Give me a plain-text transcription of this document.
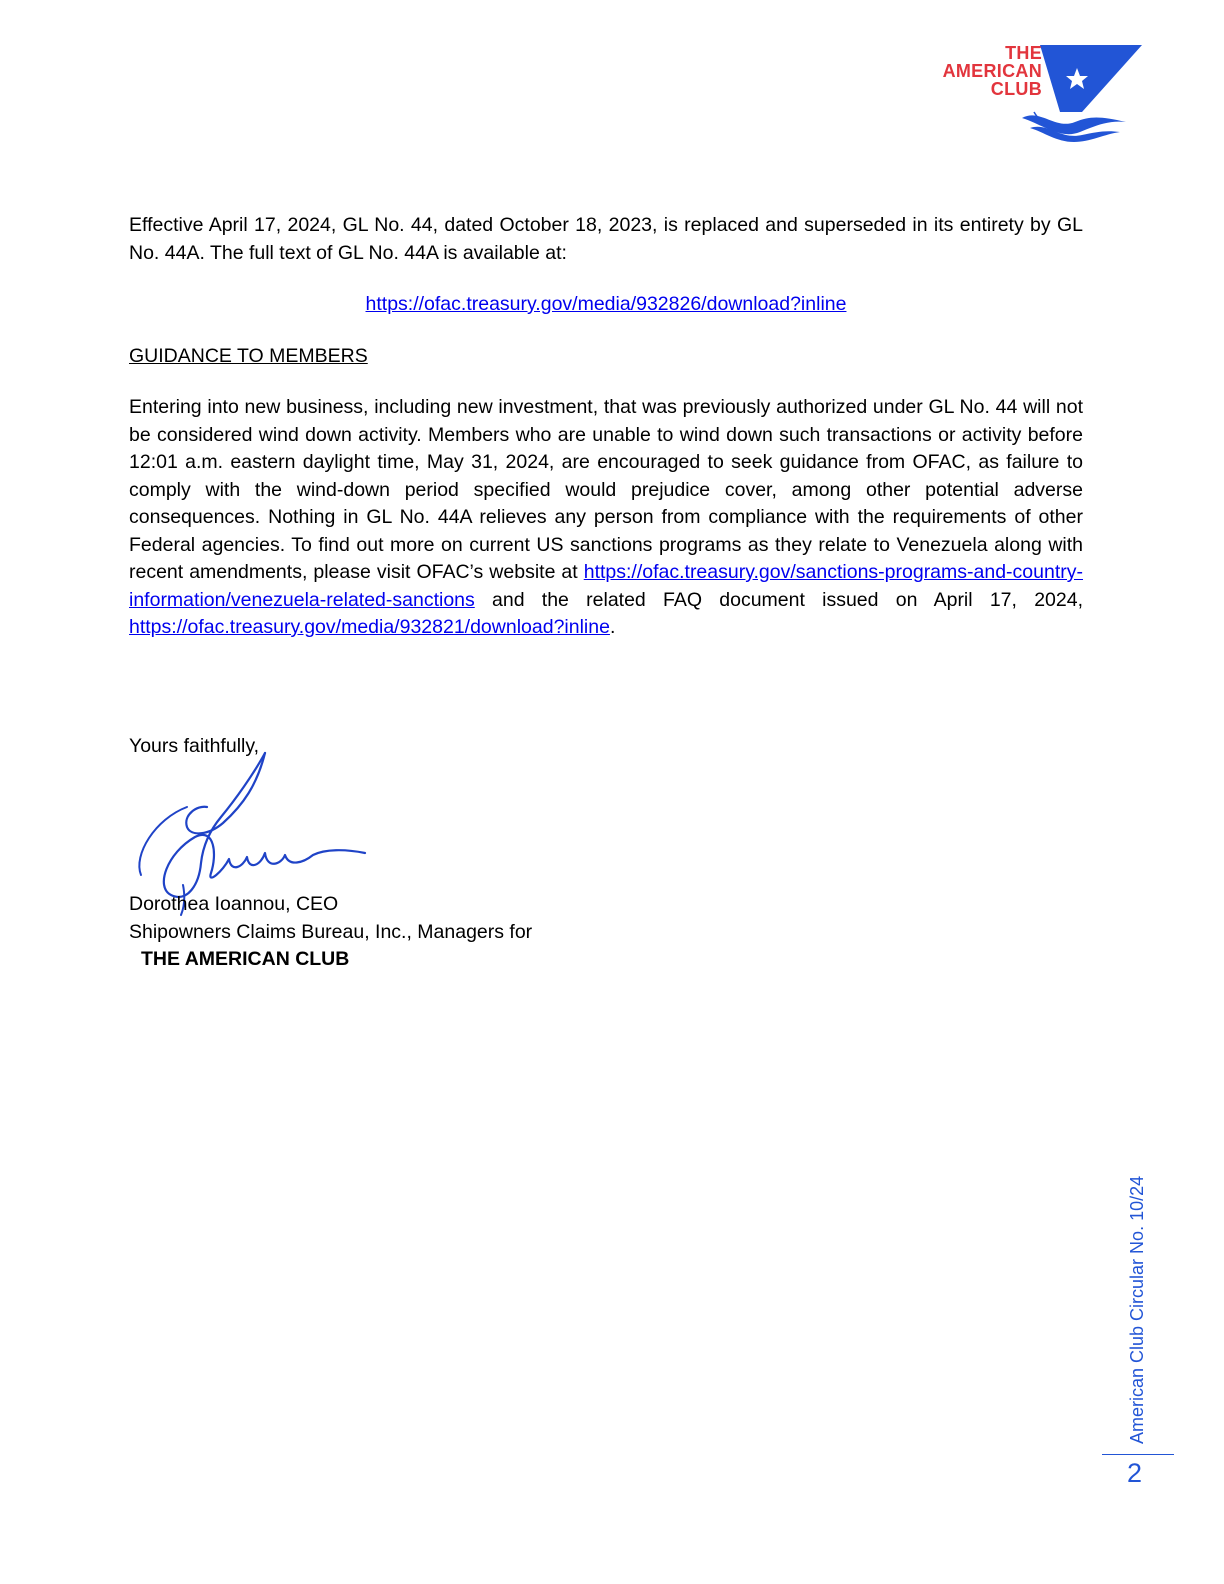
THE
AMERICAN
CLUB

Effective April 17, 2024, GL No. 44, dated October 18, 2023, is replaced and superseded in its entirety by GL No. 44A. The full text of GL No. 44A is available at:

https://ofac.treasury.gov/media/932826/download?inline

GUIDANCE TO MEMBERS

Entering into new business, including new investment, that was previously authorized under GL No. 44 will not be considered wind down activity. Members who are unable to wind down such transactions or activity before 12:01 a.m. eastern daylight time, May 31, 2024, are encouraged to seek guidance from OFAC, as failure to comply with the wind-down period specified would prejudice cover, among other potential adverse consequences. Nothing in GL No. 44A relieves any person from compliance with the requirements of other Federal agencies. To find out more on current US sanctions programs as they relate to Venezuela along with recent amendments, please visit OFAC’s website at https://ofac.treasury.gov/sanctions-programs-and-country-information/venezuela-related-sanctions and the related FAQ document issued on April 17, 2024, https://ofac.treasury.gov/media/932821/download?inline.

Yours faithfully,
Dorothea Ioannou, CEO
Shipowners Claims Bureau, Inc., Managers for
THE AMERICAN CLUB
American Club Circular No. 10/24
2
